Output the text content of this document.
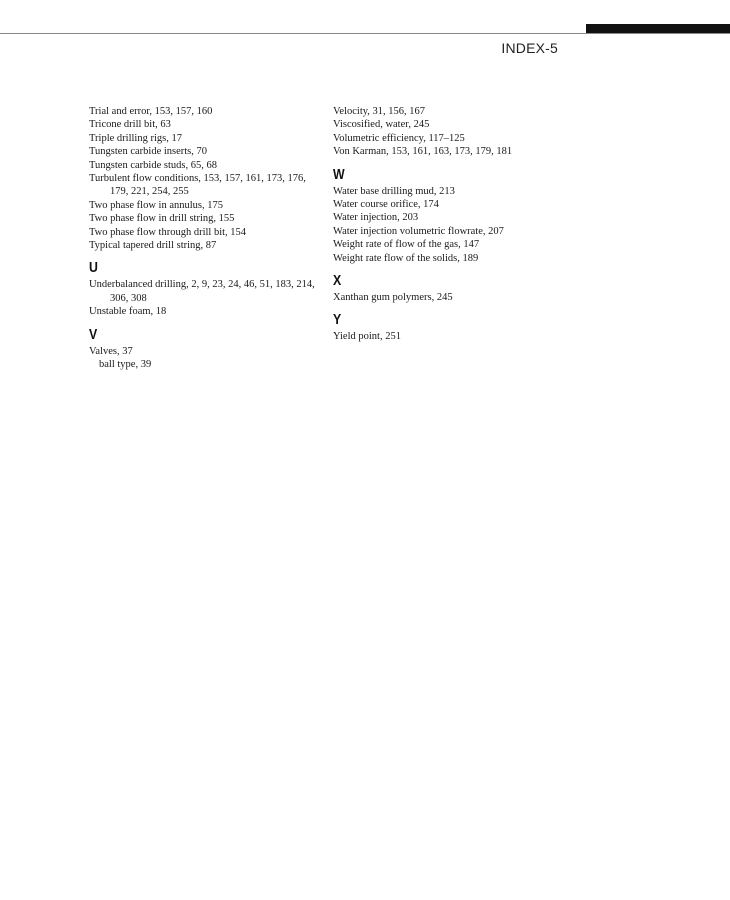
INDEX-5
Trial and error, 153, 157, 160
Tricone drill bit, 63
Triple drilling rigs, 17
Tungsten carbide inserts, 70
Tungsten carbide studs, 65, 68
Turbulent flow conditions, 153, 157, 161, 173, 176, 179, 221, 254, 255
Two phase flow in annulus, 175
Two phase flow in drill string, 155
Two phase flow through drill bit, 154
Typical tapered drill string, 87
U
Underbalanced drilling, 2, 9, 23, 24, 46, 51, 183, 214, 306, 308
Unstable foam, 18
V
Valves, 37
ball type, 39
Velocity, 31, 156, 167
Viscosified, water, 245
Volumetric efficiency, 117–125
Von Karman, 153, 161, 163, 173, 179, 181
W
Water base drilling mud, 213
Water course orifice, 174
Water injection, 203
Water injection volumetric flowrate, 207
Weight rate of flow of the gas, 147
Weight rate flow of the solids, 189
X
Xanthan gum polymers, 245
Y
Yield point, 251
